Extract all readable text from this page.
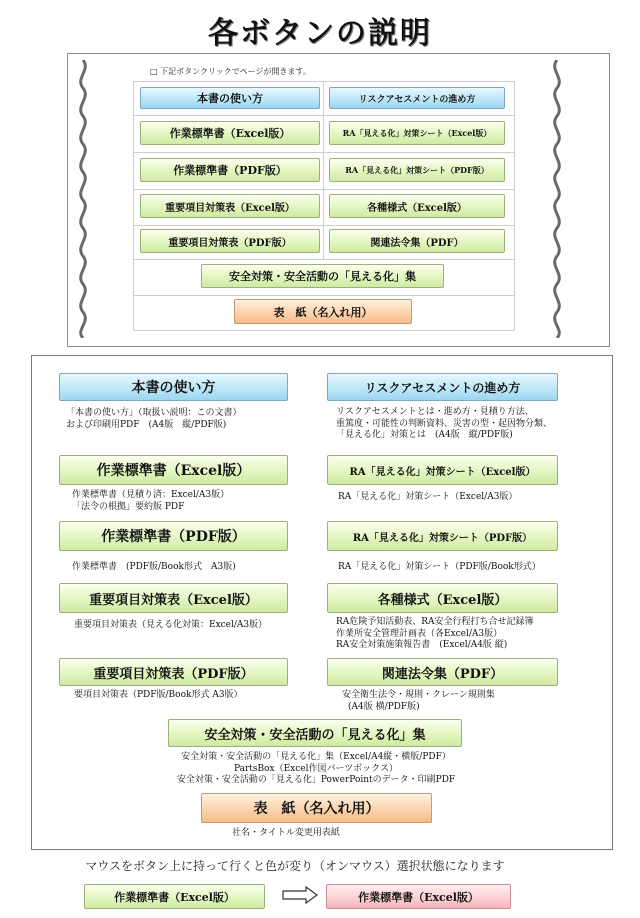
各ボタンの説明
□ 下記ボタンクリックでページが開きます。
本書の使い方	リスクアセスメントの進め方
作業標準書（Excel版）	RA「見える化」対策シート（Excel版）
作業標準書（PDF版）	RA「見える化」対策シート（PDF版）
重要項目対策表（Excel版）	各種様式（Excel版）
重要項目対策表（PDF版）	関連法令集（PDF）
安全対策・安全活動の「見える化」集
表　紙（名入れ用）
本書の使い方
「本書の使い方」（取扱い説明：この文書）
および印刷用PDF　(A4版　縦/PDF版)
リスクアセスメントの進め方
リスクアセスメントとは・進め方・見積り方法、
重篤度・可能性の判断資料、災害の型・起因物分類、
「見える化」対策とは　(A4版　縦/PDF版)
作業標準書（Excel版）
作業標準書（見積り済：Excel/A3版）
「法令の根拠」要約版 PDF
RA「見える化」対策シート（Excel版）
RA「見える化」対策シート（Excel/A3版）
作業標準書（PDF版）
作業標準書　(PDF版/Book形式　A3版)
RA「見える化」対策シート（PDF版）
RA「見える化」対策シート（PDF版/Book形式）
重要項目対策表（Excel版）
重要項目対策表（見える化対策：Excel/A3版）
各種様式（Excel版）
RA危険予知活動表、RA安全行程打ち合せ記録簿
作業所安全管理計画表（各Excel/A3版）
RA安全対策施策報告書　(Excel/A4版 縦)
重要項目対策表（PDF版）
要項目対策表（PDF版/Book形式 A3版）
関連法令集（PDF）
安全衛生法令・規則・クレーン規則集
(A4版 横/PDF版)
安全対策・安全活動の「見える化」集
安全対策・安全活動の「見える化」集（Excel/A4縦・横版/PDF）
PartsBox（Excel作図パーツボックス）
安全対策・安全活動の「見える化」PowerPointのデータ・印刷PDF
表　紙（名入れ用）
社名・タイトル変更用表紙
マウスをボタン上に持って行くと色が変り（オンマウス）選択状態になります
作業標準書（Excel版）	作業標準書（Excel版）
